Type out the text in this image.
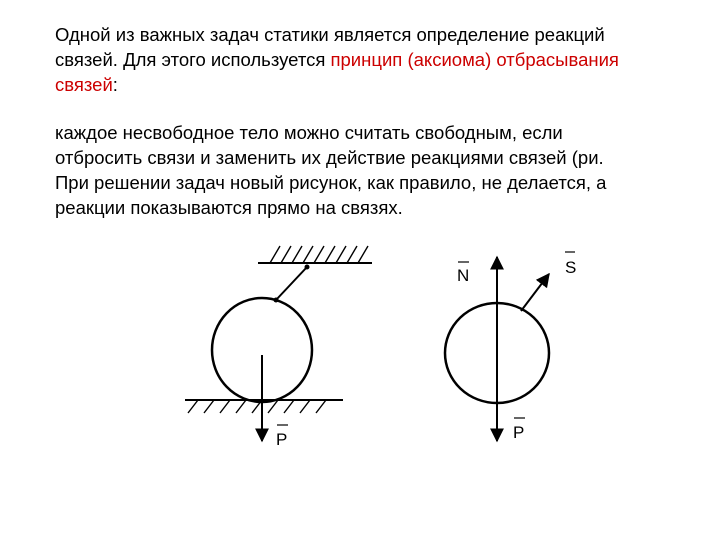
Одной из важных задач статики является определение реакций
связей. Для этого используется принцип (аксиома) отбрасывания
связей:
каждое несвободное тело можно считать свободным, если
отбросить связи и заменить их действие реакциями связей (ри.
При решении задач новый рисунок, как правило, не делается, а
реакции показываются прямо на связях.
P
N	S
P
